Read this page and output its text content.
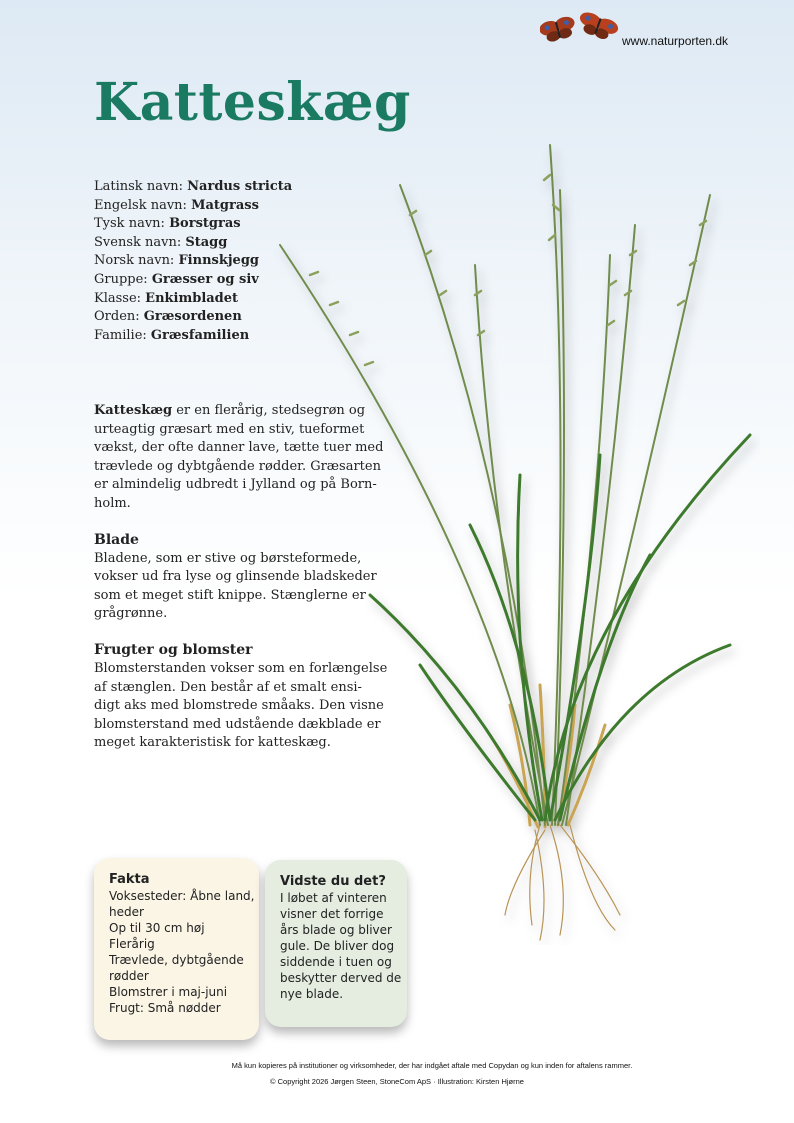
www.naturporten.dk
Katteskæg
Latinsk navn: Nardus stricta
Engelsk navn: Matgrass
Tysk navn: Borstgras
Svensk navn: Stagg
Norsk navn: Finnskjegg
Gruppe: Græsser og siv
Klasse: Enkimbladet
Orden: Græsordenen
Familie: Græsfamilien

Katteskæg er en flerårig, stedsegrøn og
urteagtig græsart med en stiv, tueformet
vækst, der ofte danner lave, tætte tuer med
trævlede og dybtgående rødder. Græsarten
er almindelig udbredt i Jylland og på Born-
holm.

Blade

Bladene, som er stive og børsteformede,
vokser ud fra lyse og glinsende bladskeder
som et meget stift knippe. Stænglerne er
grågrønne.

Frugter og blomster

Blomsterstanden vokser som en forlængelse
af stænglen. Den består af et smalt ensi-
digt aks med blomstrede småaks. Den visne
blomsterstand med udstående dækblade er
meget karakteristisk for katteskæg.

Fakta
Voksesteder: Åbne land,
heder
Op til 30 cm høj
Flerårig
Trævlede, dybtgående
rødder
Blomstrer i maj-juni
Frugt: Små nødder
Vidste du det?
I løbet af vinteren
visner det forrige
års blade og bliver
gule. De bliver dog
siddende i tuen og
beskytter derved de
nye blade.
Må kun kopieres på institutioner og virksomheder, der har indgået aftale med Copydan og kun inden for aftalens rammer.
© Copyright 2026 Jørgen Steen, StoneCom ApS · Illustration: Kirsten Hjørne
